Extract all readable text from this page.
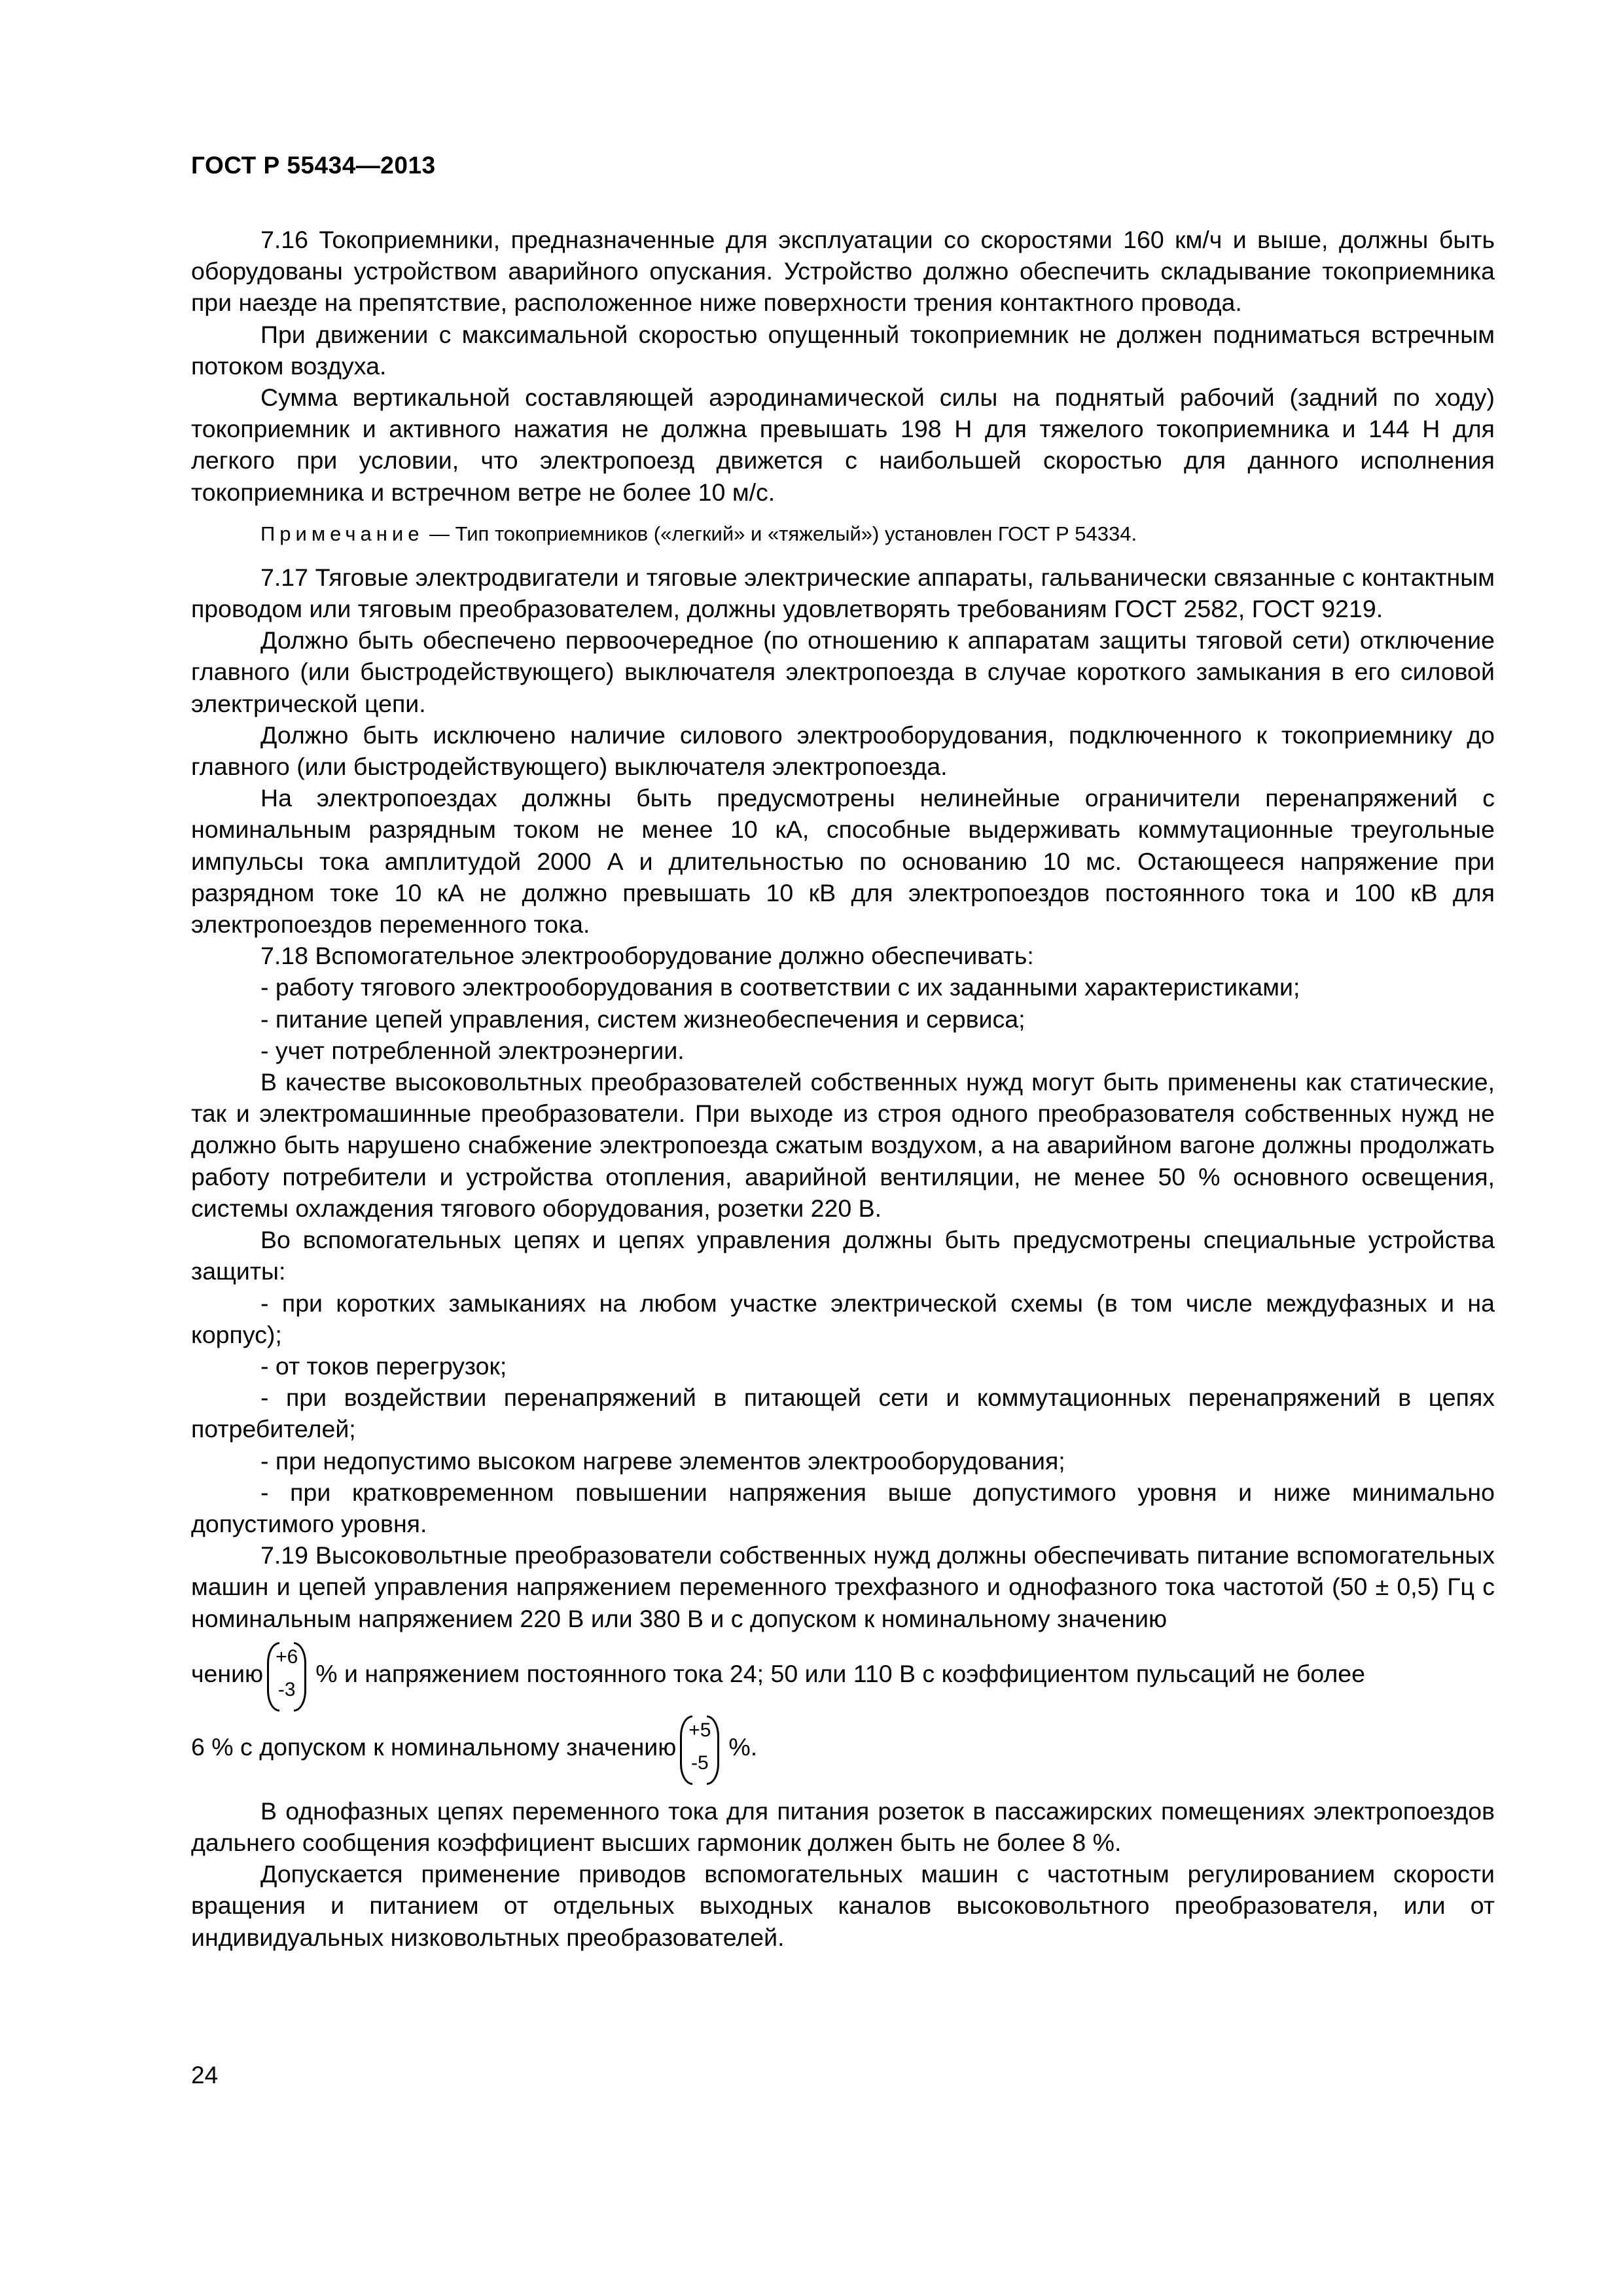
ГОСТ Р 55434—2013

7.16 Токоприемники, предназначенные для эксплуатации со скоростями 160 км/ч и выше, должны быть оборудованы устройством аварийного опускания. Устройство должно обеспечить складывание токоприемника при наезде на препятствие, расположенное ниже поверхности трения контактного провода.

При движении с максимальной скоростью опущенный токоприемник не должен подниматься встречным потоком воздуха.

Сумма вертикальной составляющей аэродинамической силы на поднятый рабочий (задний по ходу) токоприемник и активного нажатия не должна превышать 198 Н для тяжелого токоприемника и 144 Н для легкого при условии, что электропоезд движется с наибольшей скоростью для данного исполнения токоприемника и встречном ветре не более 10 м/с.

Примечание — Тип токоприемников («легкий» и «тяжелый») установлен ГОСТ Р 54334.

7.17 Тяговые электродвигатели и тяговые электрические аппараты, гальванически связанные с контактным проводом или тяговым преобразователем, должны удовлетворять требованиям ГОСТ 2582, ГОСТ 9219.

Должно быть обеспечено первоочередное (по отношению к аппаратам защиты тяговой сети) отключение главного (или быстродействующего) выключателя электропоезда в случае короткого замыкания в его силовой электрической цепи.

Должно быть исключено наличие силового электрооборудования, подключенного к токоприемнику до главного (или быстродействующего) выключателя электропоезда.

На электропоездах должны быть предусмотрены нелинейные ограничители перенапряжений с номинальным разрядным током не менее 10 кА, способные выдерживать коммутационные треугольные импульсы тока амплитудой 2000 А и длительностью по основанию 10 мс. Остающееся напряжение при разрядном токе 10 кА не должно превышать 10 кВ для электропоездов постоянного тока и 100 кВ для электропоездов переменного тока.

7.18 Вспомогательное электрооборудование должно обеспечивать:

- работу тягового электрооборудования в соответствии с их заданными характеристиками;

- питание цепей управления, систем жизнеобеспечения и сервиса;

- учет потребленной электроэнергии.

В качестве высоковольтных преобразователей собственных нужд могут быть применены как статические, так и электромашинные преобразователи. При выходе из строя одного преобразователя собственных нужд не должно быть нарушено снабжение электропоезда сжатым воздухом, а на аварийном вагоне должны продолжать работу потребители и устройства отопления, аварийной вентиляции, не менее 50 % основного освещения, системы охлаждения тягового оборудования, розетки 220 В.

Во вспомогательных цепях и цепях управления должны быть предусмотрены специальные устройства защиты:

- при коротких замыканиях на любом участке электрической схемы (в том числе междуфазных и на корпус);

- от токов перегрузок;

- при воздействии перенапряжений в питающей сети и коммутационных перенапряжений в цепях потребителей;

- при недопустимо высоком нагреве элементов электрооборудования;

- при кратковременном повышении напряжения выше допустимого уровня и ниже минимально допустимого уровня.

7.19 Высоковольтные преобразователи собственных нужд должны обеспечивать питание вспомогательных машин и цепей управления напряжением переменного трехфазного и однофазного тока частотой (50 ± 0,5) Гц с номинальным напряжением 220 В или 380 В и с допуском к номинальному значению

чению
+6
-3
% и напряжением постоянного тока 24; 50 или 110 В с коэффициентом пульсаций не более

6 % с допуском к номинальному значению
+5
-5
%.

В однофазных цепях переменного тока для питания розеток в пассажирских помещениях электропоездов дальнего сообщения коэффициент высших гармоник должен быть не более 8 %.

Допускается применение приводов вспомогательных машин с частотным регулированием скорости вращения и питанием от отдельных выходных каналов высоковольтного преобразователя, или от индивидуальных низковольтных преобразователей.

24
